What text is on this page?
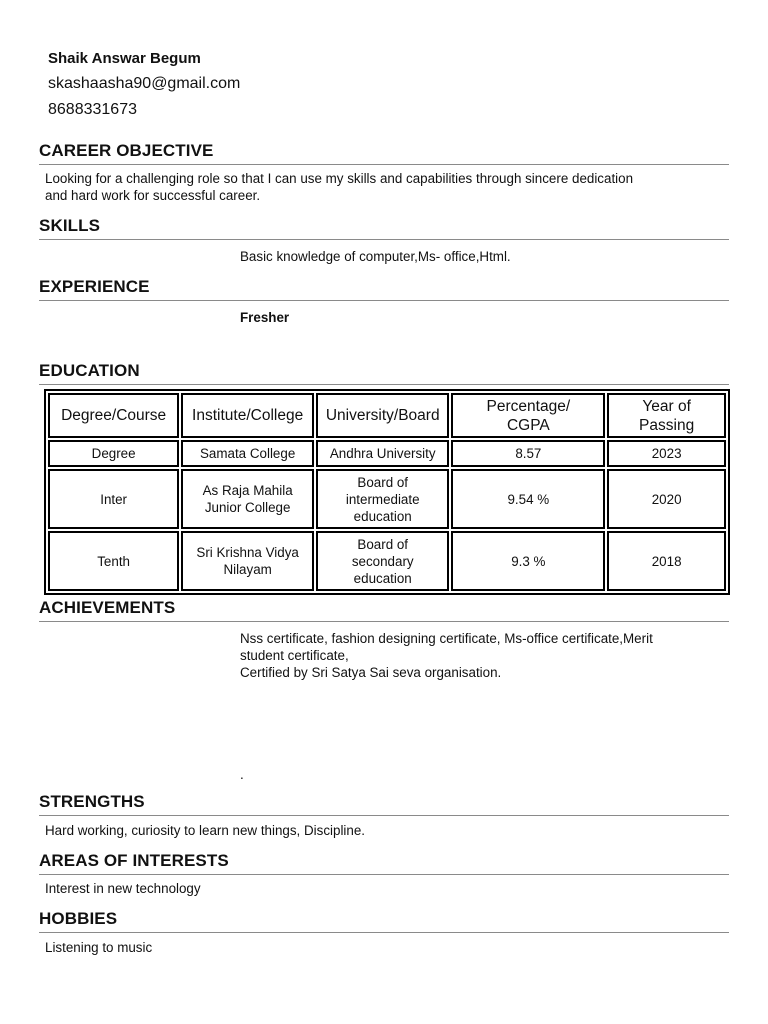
Shaik Answar Begum
skashaasha90@gmail.com
8688331673
CAREER OBJECTIVE
Looking for a challenging role so that I can use my skills and capabilities through sincere dedication
and hard work for successful career.
SKILLS
Basic knowledge of computer,Ms- office,Html.
EXPERIENCE
Fresher
EDUCATION
Degree/Course	Institute/College	University/Board	Percentage/ CGPA	Year of Passing
Degree	Samata College	Andhra University	8.57	2023
Inter	As Raja Mahila Junior College	Board of intermediate education	9.54 %	2020
Tenth	Sri Krishna Vidya Nilayam	Board of secondary education	9.3 %	2018
ACHIEVEMENTS
Nss certificate, fashion designing certificate, Ms-office certificate,Merit
student certificate,
Certified by Sri Satya Sai seva organisation.
.
STRENGTHS
Hard working, curiosity to learn new things, Discipline.
AREAS OF INTERESTS
Interest in new technology
HOBBIES
Listening to music
